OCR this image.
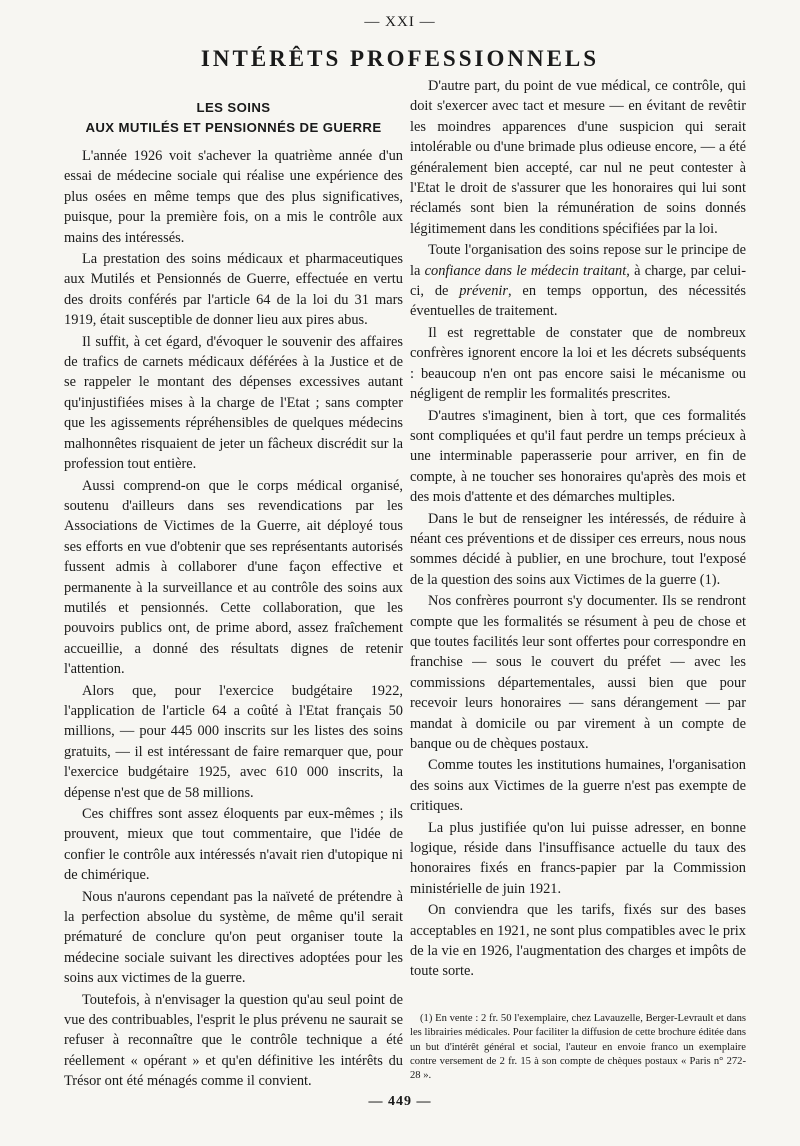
— XXI —
INTÉRÊTS PROFESSIONNELS
LES SOINS
AUX MUTILÉS ET PENSIONNÉS DE GUERRE

L'année 1926 voit s'achever la quatrième année d'un essai de médecine sociale qui réalise une expérience des plus osées en même temps que des plus significatives, puisque, pour la première fois, on a mis le contrôle aux mains des intéressés.

La prestation des soins médicaux et pharmaceutiques aux Mutilés et Pensionnés de Guerre, effectuée en vertu des droits conférés par l'article 64 de la loi du 31 mars 1919, était susceptible de donner lieu aux pires abus.

Il suffit, à cet égard, d'évoquer le souvenir des affaires de trafics de carnets médicaux déférées à la Justice et de se rappeler le montant des dépenses excessives autant qu'injustifiées mises à la charge de l'Etat ; sans compter que les agissements répréhensibles de quelques médecins malhonnêtes risquaient de jeter un fâcheux discrédit sur la profession tout entière.

Aussi comprend-on que le corps médical organisé, soutenu d'ailleurs dans ses revendications par les Associations de Victimes de la Guerre, ait déployé tous ses efforts en vue d'obtenir que ses représentants autorisés fussent admis à collaborer d'une façon effective et permanente à la surveillance et au contrôle des soins aux mutilés et pensionnés. Cette collaboration, que les pouvoirs publics ont, de prime abord, assez fraîchement accueillie, a donné des résultats dignes de retenir l'attention.

Alors que, pour l'exercice budgétaire 1922, l'application de l'article 64 a coûté à l'Etat français 50 millions, — pour 445 000 inscrits sur les listes des soins gratuits, — il est intéressant de faire remarquer que, pour l'exercice budgétaire 1925, avec 610 000 inscrits, la dépense n'est que de 58 millions.

Ces chiffres sont assez éloquents par eux-mêmes ; ils prouvent, mieux que tout commentaire, que l'idée de confier le contrôle aux intéressés n'avait rien d'utopique ni de chimérique.

Nous n'aurons cependant pas la naïveté de prétendre à la perfection absolue du système, de même qu'il serait prématuré de conclure qu'on peut organiser toute la médecine sociale suivant les directives adoptées pour les soins aux victimes de la guerre.

Toutefois, à n'envisager la question qu'au seul point de vue des contribuables, l'esprit le plus prévenu ne saurait se refuser à reconnaître que le contrôle technique a été réellement « opérant » et qu'en définitive les intérêts du Trésor ont été ménagés comme il convient.

D'autre part, du point de vue médical, ce contrôle, qui doit s'exercer avec tact et mesure — en évitant de revêtir les moindres apparences d'une suspicion qui serait intolérable ou d'une brimade plus odieuse encore, — a été généralement bien accepté, car nul ne peut contester à l'Etat le droit de s'assurer que les honoraires qui lui sont réclamés sont bien la rémunération de soins donnés légitimement dans les conditions spécifiées par la loi.

Toute l'organisation des soins repose sur le principe de la confiance dans le médecin traitant, à charge, par celui-ci, de prévenir, en temps opportun, des nécessités éventuelles de traitement.

Il est regrettable de constater que de nombreux confrères ignorent encore la loi et les décrets subséquents : beaucoup n'en ont pas encore saisi le mécanisme ou négligent de remplir les formalités prescrites.

D'autres s'imaginent, bien à tort, que ces formalités sont compliquées et qu'il faut perdre un temps précieux à une interminable paperasserie pour arriver, en fin de compte, à ne toucher ses honoraires qu'après des mois et des mois d'attente et des démarches multiples.

Dans le but de renseigner les intéressés, de réduire à néant ces préventions et de dissiper ces erreurs, nous nous sommes décidé à publier, en une brochure, tout l'exposé de la question des soins aux Victimes de la guerre (1).

Nos confrères pourront s'y documenter. Ils se rendront compte que les formalités se résument à peu de chose et que toutes facilités leur sont offertes pour correspondre en franchise — sous le couvert du préfet — avec les commissions départementales, aussi bien que pour recevoir leurs honoraires — sans dérangement — par mandat à domicile ou par virement à un compte de banque ou de chèques postaux.

Comme toutes les institutions humaines, l'organisation des soins aux Victimes de la guerre n'est pas exempte de critiques.

La plus justifiée qu'on lui puisse adresser, en bonne logique, réside dans l'insuffisance actuelle du taux des honoraires fixés en francs-papier par la Commission ministérielle de juin 1921.

On conviendra que les tarifs, fixés sur des bases acceptables en 1921, ne sont plus compatibles avec le prix de la vie en 1926, l'augmentation des charges et impôts de toute sorte.

(1) En vente : 2 fr. 50 l'exemplaire, chez Lavauzelle, Berger-Levrault et dans les librairies médicales. Pour faciliter la diffusion de cette brochure éditée dans un but d'intérêt général et social, l'auteur en envoie franco un exemplaire contre versement de 2 fr. 15 à son compte de chèques postaux « Paris n° 272-28 ».

— 449 —
